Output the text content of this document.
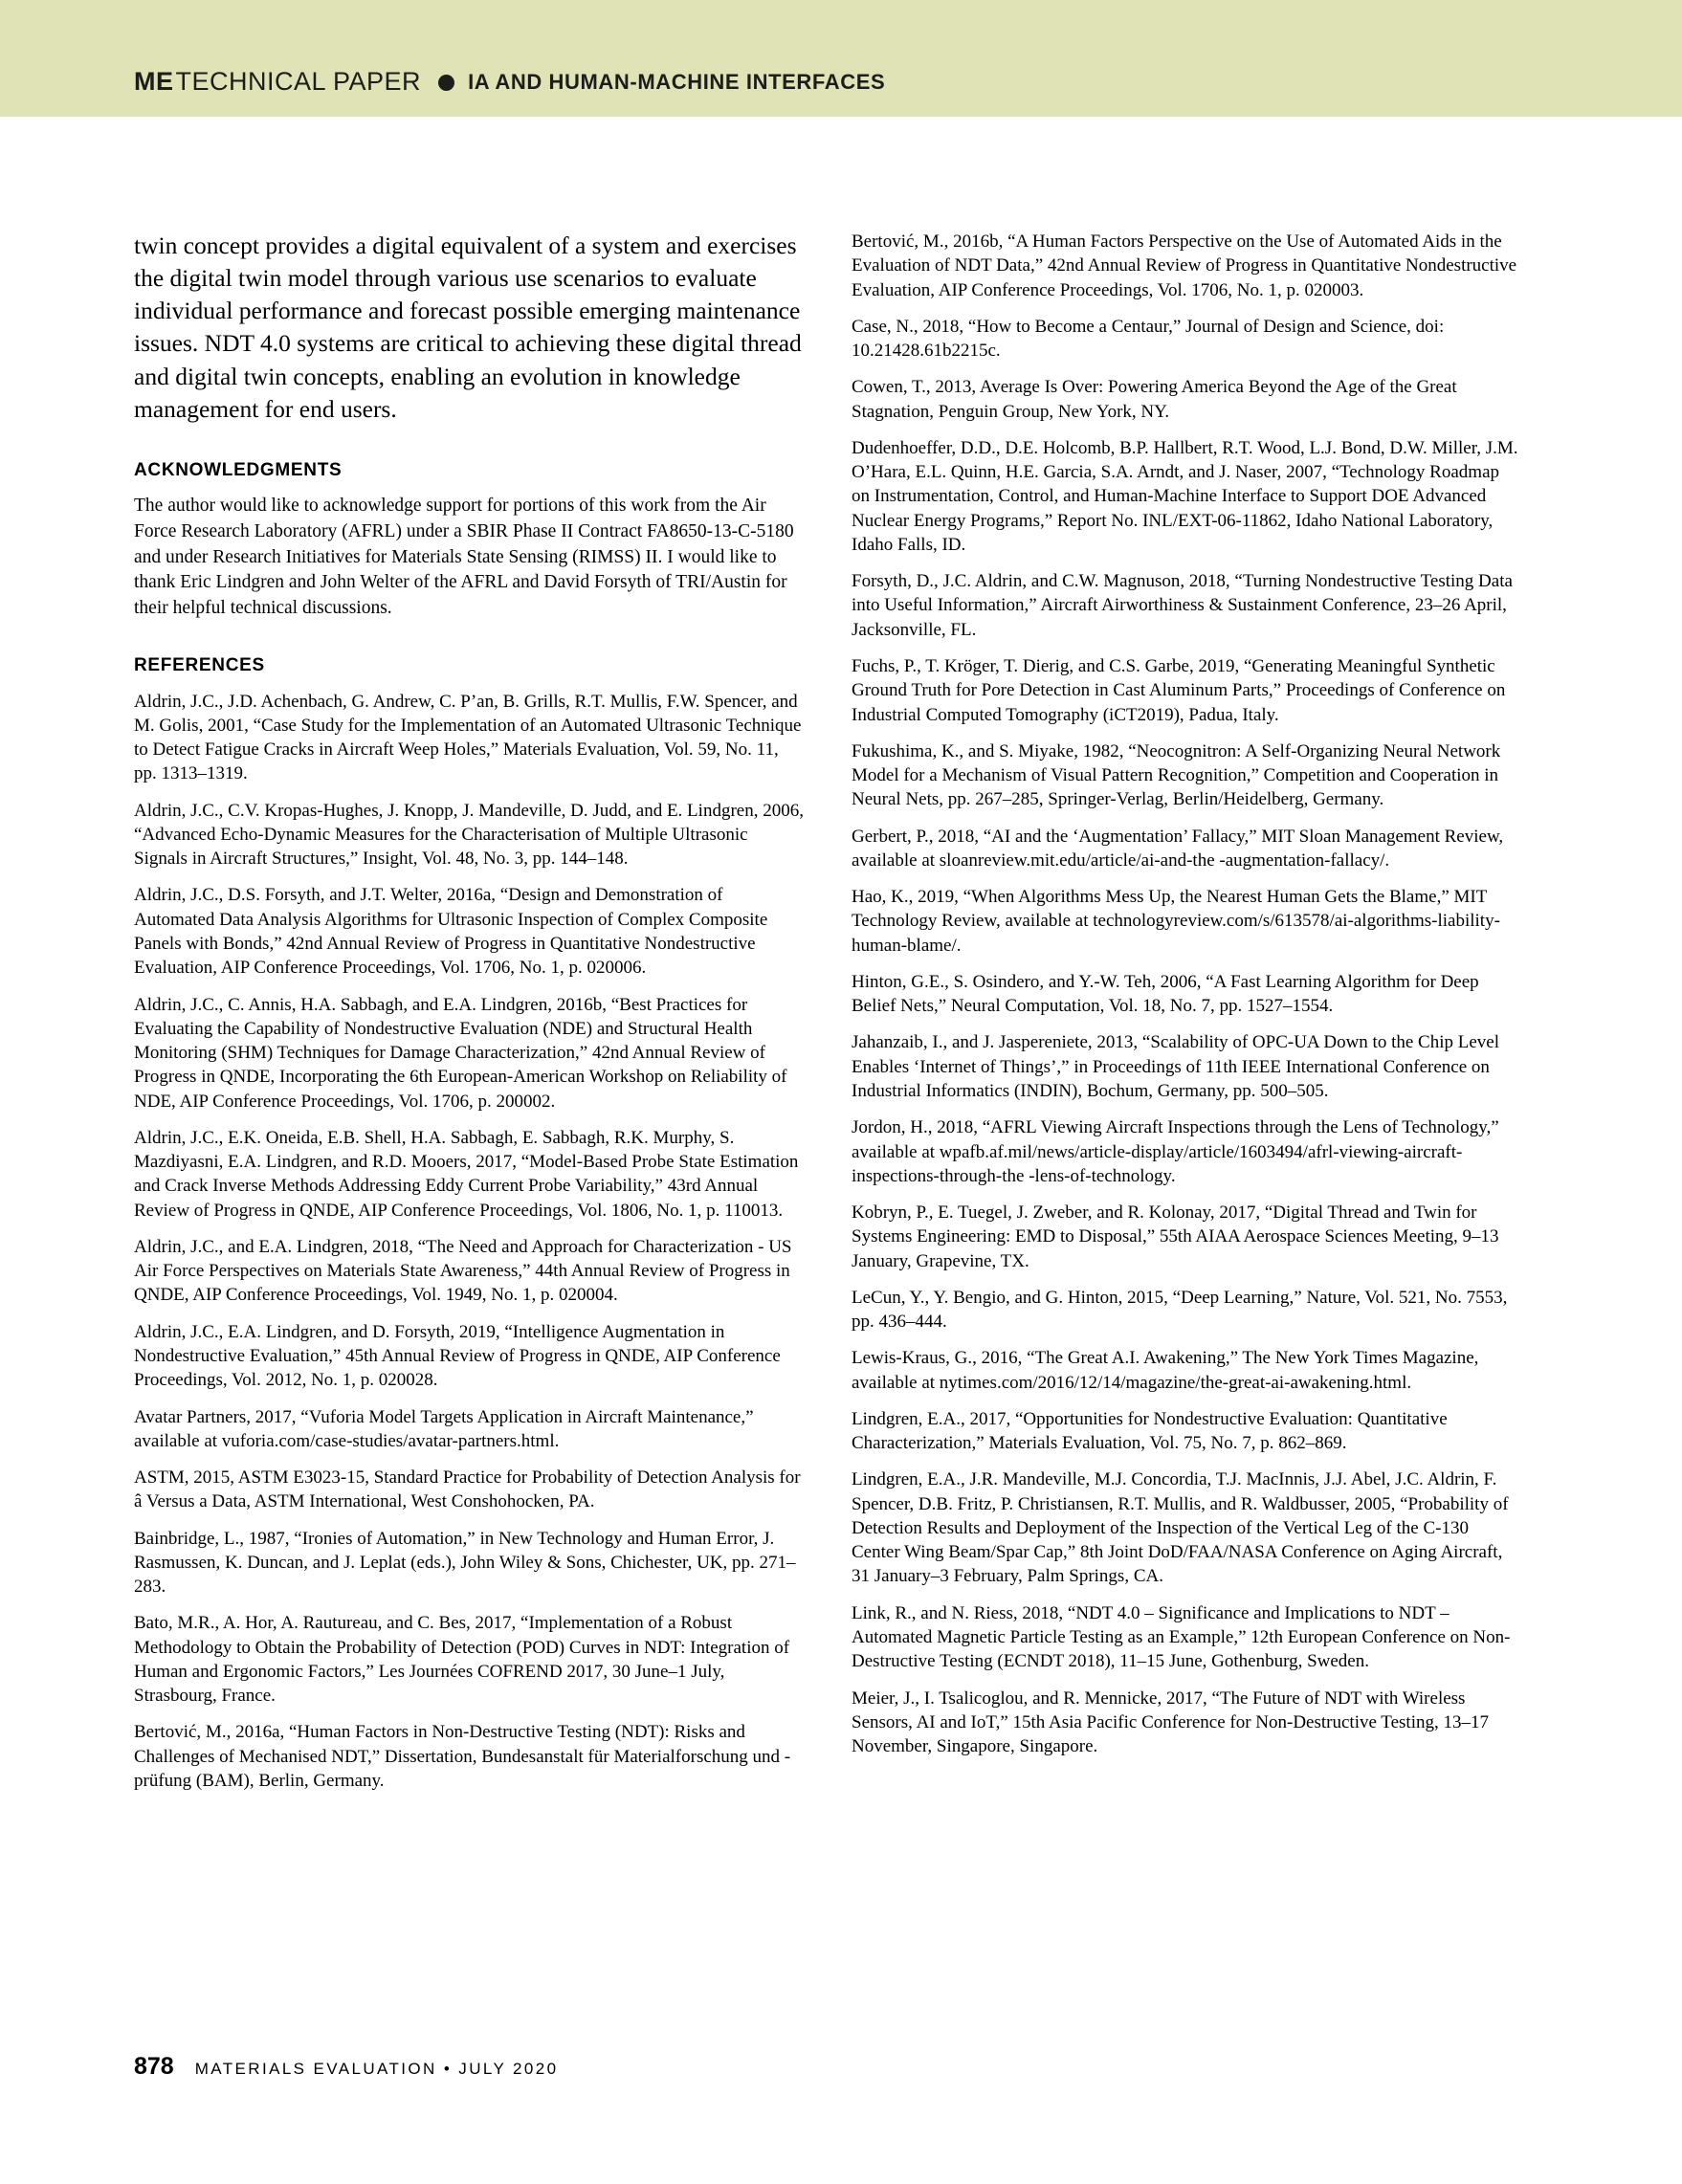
ME TECHNICAL PAPER IA AND HUMAN-MACHINE INTERFACES

twin concept provides a digital equivalent of a system and exercises the digital twin model through various use scenarios to evaluate individual performance and forecast possible emerging maintenance issues. NDT 4.0 systems are critical to achieving these digital thread and digital twin concepts, enabling an evolution in knowledge management for end users.

ACKNOWLEDGMENTS

The author would like to acknowledge support for portions of this work from the Air Force Research Laboratory (AFRL) under a SBIR Phase II Contract FA8650-13-C-5180 and under Research Initiatives for Materials State Sensing (RIMSS) II. I would like to thank Eric Lindgren and John Welter of the AFRL and David Forsyth of TRI/Austin for their helpful technical discussions.

REFERENCES

Aldrin, J.C., J.D. Achenbach, G. Andrew, C. P’an, B. Grills, R.T. Mullis, F.W. Spencer, and M. Golis, 2001, “Case Study for the Implementation of an Automated Ultrasonic Technique to Detect Fatigue Cracks in Aircraft Weep Holes,” Materials Evaluation, Vol. 59, No. 11, pp. 1313–1319.

Aldrin, J.C., C.V. Kropas-Hughes, J. Knopp, J. Mandeville, D. Judd, and E. Lindgren, 2006, “Advanced Echo-Dynamic Measures for the Characterisation of Multiple Ultrasonic Signals in Aircraft Structures,” Insight, Vol. 48, No. 3, pp. 144–148.

Aldrin, J.C., D.S. Forsyth, and J.T. Welter, 2016a, “Design and Demonstration of Automated Data Analysis Algorithms for Ultrasonic Inspection of Complex Composite Panels with Bonds,” 42nd Annual Review of Progress in Quantitative Nondestructive Evaluation, AIP Conference Proceedings, Vol. 1706, No. 1, p. 020006.

Aldrin, J.C., C. Annis, H.A. Sabbagh, and E.A. Lindgren, 2016b, “Best Practices for Evaluating the Capability of Nondestructive Evaluation (NDE) and Structural Health Monitoring (SHM) Techniques for Damage Characterization,” 42nd Annual Review of Progress in QNDE, Incorporating the 6th European-American Workshop on Reliability of NDE, AIP Conference Proceedings, Vol. 1706, p. 200002.

Aldrin, J.C., E.K. Oneida, E.B. Shell, H.A. Sabbagh, E. Sabbagh, R.K. Murphy, S. Mazdiyasni, E.A. Lindgren, and R.D. Mooers, 2017, “Model-Based Probe State Estimation and Crack Inverse Methods Addressing Eddy Current Probe Variability,” 43rd Annual Review of Progress in QNDE, AIP Conference Proceedings, Vol. 1806, No. 1, p. 110013.

Aldrin, J.C., and E.A. Lindgren, 2018, “The Need and Approach for Characterization - US Air Force Perspectives on Materials State Awareness,” 44th Annual Review of Progress in QNDE, AIP Conference Proceedings, Vol. 1949, No. 1, p. 020004.

Aldrin, J.C., E.A. Lindgren, and D. Forsyth, 2019, “Intelligence Augmentation in Nondestructive Evaluation,” 45th Annual Review of Progress in QNDE, AIP Conference Proceedings, Vol. 2012, No. 1, p. 020028.

Avatar Partners, 2017, “Vuforia Model Targets Application in Aircraft Maintenance,” available at vuforia.com/case-studies/avatar-partners.html.

ASTM, 2015, ASTM E3023-15, Standard Practice for Probability of Detection Analysis for â Versus a Data, ASTM International, West Conshohocken, PA.

Bainbridge, L., 1987, “Ironies of Automation,” in New Technology and Human Error, J. Rasmussen, K. Duncan, and J. Leplat (eds.), John Wiley & Sons, Chichester, UK, pp. 271–283.

Bato, M.R., A. Hor, A. Rautureau, and C. Bes, 2017, “Implementation of a Robust Methodology to Obtain the Probability of Detection (POD) Curves in NDT: Integration of Human and Ergonomic Factors,” Les Journées COFREND 2017, 30 June–1 July, Strasbourg, France.

Bertović, M., 2016a, “Human Factors in Non-Destructive Testing (NDT): Risks and Challenges of Mechanised NDT,” Dissertation, Bundesanstalt für Materialforschung und -prüfung (BAM), Berlin, Germany.

Bertović, M., 2016b, “A Human Factors Perspective on the Use of Automated Aids in the Evaluation of NDT Data,” 42nd Annual Review of Progress in Quantitative Nondestructive Evaluation, AIP Conference Proceedings, Vol. 1706, No. 1, p. 020003.

Case, N., 2018, “How to Become a Centaur,” Journal of Design and Science, doi: 10.21428.61b2215c.

Cowen, T., 2013, Average Is Over: Powering America Beyond the Age of the Great Stagnation, Penguin Group, New York, NY.

Dudenhoeffer, D.D., D.E. Holcomb, B.P. Hallbert, R.T. Wood, L.J. Bond, D.W. Miller, J.M. O’Hara, E.L. Quinn, H.E. Garcia, S.A. Arndt, and J. Naser, 2007, “Technology Roadmap on Instrumentation, Control, and Human-Machine Interface to Support DOE Advanced Nuclear Energy Programs,” Report No. INL/EXT-06-11862, Idaho National Laboratory, Idaho Falls, ID.

Forsyth, D., J.C. Aldrin, and C.W. Magnuson, 2018, “Turning Nondestructive Testing Data into Useful Information,” Aircraft Airworthiness & Sustainment Conference, 23–26 April, Jacksonville, FL.

Fuchs, P., T. Kröger, T. Dierig, and C.S. Garbe, 2019, “Generating Meaningful Synthetic Ground Truth for Pore Detection in Cast Aluminum Parts,” Proceedings of Conference on Industrial Computed Tomography (iCT2019), Padua, Italy.

Fukushima, K., and S. Miyake, 1982, “Neocognitron: A Self-Organizing Neural Network Model for a Mechanism of Visual Pattern Recognition,” Competition and Cooperation in Neural Nets, pp. 267–285, Springer-Verlag, Berlin/Heidelberg, Germany.

Gerbert, P., 2018, “AI and the ‘Augmentation’ Fallacy,” MIT Sloan Management Review, available at sloanreview.mit.edu/article/ai-and-the -augmentation-fallacy/.

Hao, K., 2019, “When Algorithms Mess Up, the Nearest Human Gets the Blame,” MIT Technology Review, available at technologyreview.com/s/613578/ai-algorithms-liability-human-blame/.

Hinton, G.E., S. Osindero, and Y.-W. Teh, 2006, “A Fast Learning Algorithm for Deep Belief Nets,” Neural Computation, Vol. 18, No. 7, pp. 1527–1554.

Jahanzaib, I., and J. Jaspereniete, 2013, “Scalability of OPC-UA Down to the Chip Level Enables ‘Internet of Things’,” in Proceedings of 11th IEEE International Conference on Industrial Informatics (INDIN), Bochum, Germany, pp. 500–505.

Jordon, H., 2018, “AFRL Viewing Aircraft Inspections through the Lens of Technology,” available at wpafb.af.mil/news/article-display/article/1603494/afrl-viewing-aircraft-inspections-through-the -lens-of-technology.

Kobryn, P., E. Tuegel, J. Zweber, and R. Kolonay, 2017, “Digital Thread and Twin for Systems Engineering: EMD to Disposal,” 55th AIAA Aerospace Sciences Meeting, 9–13 January, Grapevine, TX.

LeCun, Y., Y. Bengio, and G. Hinton, 2015, “Deep Learning,” Nature, Vol. 521, No. 7553, pp. 436–444.

Lewis-Kraus, G., 2016, “The Great A.I. Awakening,” The New York Times Magazine, available at nytimes.com/2016/12/14/magazine/the-great-ai-awakening.html.

Lindgren, E.A., 2017, “Opportunities for Nondestructive Evaluation: Quantitative Characterization,” Materials Evaluation, Vol. 75, No. 7, p. 862–869.

Lindgren, E.A., J.R. Mandeville, M.J. Concordia, T.J. MacInnis, J.J. Abel, J.C. Aldrin, F. Spencer, D.B. Fritz, P. Christiansen, R.T. Mullis, and R. Waldbusser, 2005, “Probability of Detection Results and Deployment of the Inspection of the Vertical Leg of the C-130 Center Wing Beam/Spar Cap,” 8th Joint DoD/FAA/NASA Conference on Aging Aircraft, 31 January–3 February, Palm Springs, CA.

Link, R., and N. Riess, 2018, “NDT 4.0 – Significance and Implications to NDT – Automated Magnetic Particle Testing as an Example,” 12th European Conference on Non-Destructive Testing (ECNDT 2018), 11–15 June, Gothenburg, Sweden.

Meier, J., I. Tsalicoglou, and R. Mennicke, 2017, “The Future of NDT with Wireless Sensors, AI and IoT,” 15th Asia Pacific Conference for Non-Destructive Testing, 13–17 November, Singapore, Singapore.

878 MATERIALS EVALUATION • JULY 2020
